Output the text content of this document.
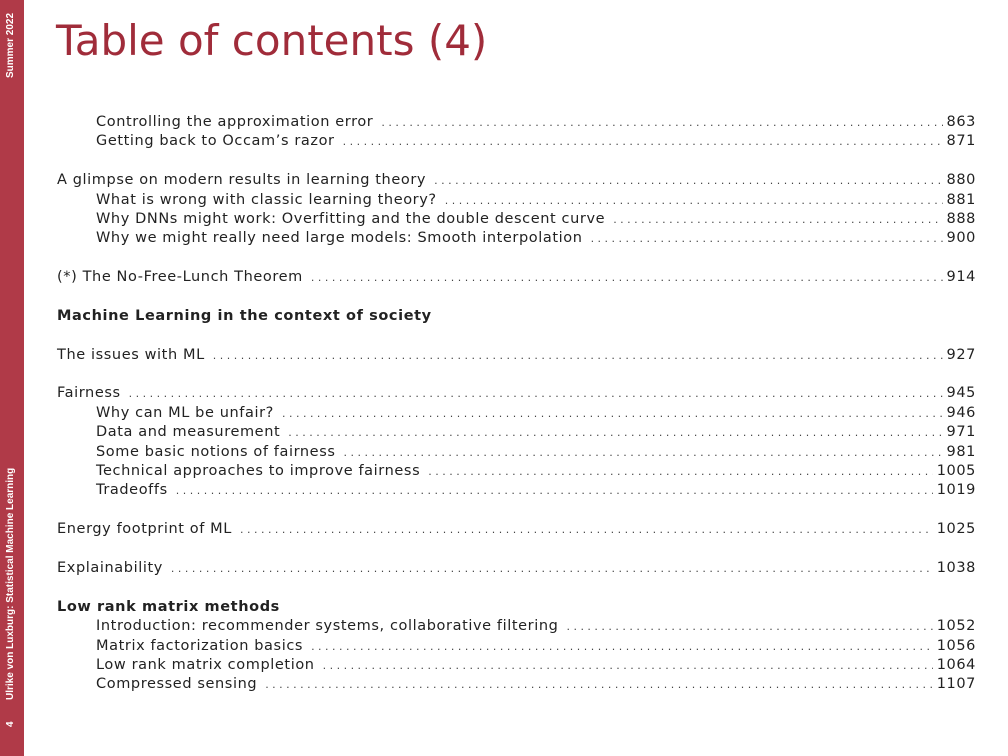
Summer 2022
Ulrike von Luxburg: Statistical Machine Learning
4
Table of contents (4)
Controlling the approximation error . . .	863
Getting back to Occam’s razor . . .	871
A glimpse on modern results in learning theory . . .	880
What is wrong with classic learning theory? . . .	881
Why DNNs might work: Overfitting and the double descent curve . . .	888
Why we might really need large models: Smooth interpolation . . .	900
(*) The No-Free-Lunch Theorem . . .	914
Machine Learning in the context of society
The issues with ML . . .	927
Fairness . . .	945
Why can ML be unfair? . . .	946
Data and measurement . . .	971
Some basic notions of fairness . . .	981
Technical approaches to improve fairness . . .	1005
Tradeoffs . . .	1019
Energy footprint of ML . . .	1025
Explainability . . .	1038
Low rank matrix methods
Introduction: recommender systems, collaborative filtering . . .	1052
Matrix factorization basics . . .	1056
Low rank matrix completion . . .	1064
Compressed sensing . . .	1107
